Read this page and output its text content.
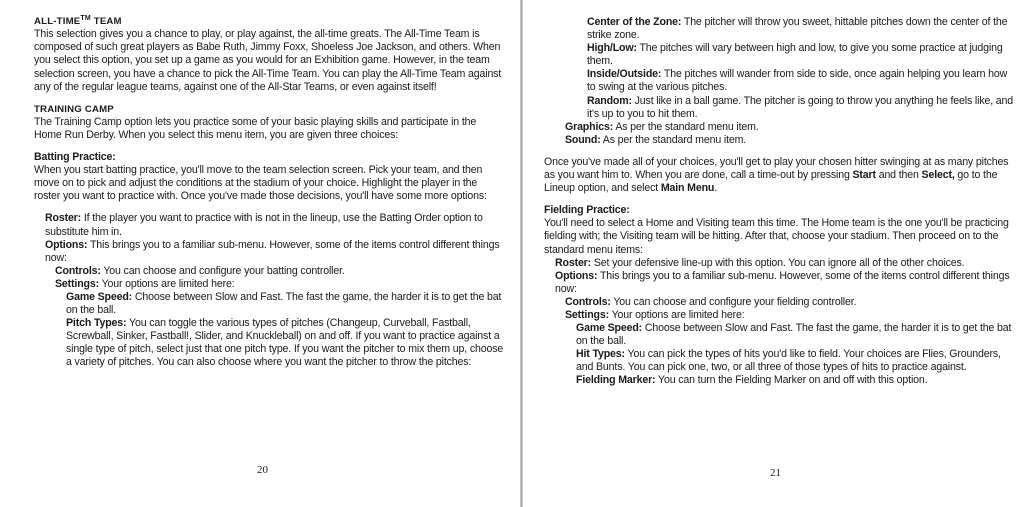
ALL-TIME™ TEAM

This selection gives you a chance to play, or play against, the all-time greats. The All-Time Team is composed of such great players as Babe Ruth, Jimmy Foxx, Shoeless Joe Jackson, and others. When you select this option, you set up a game as you would for an Exhibition game. However, in the team selection screen, you have a chance to pick the All-Time Team. You can play the All-Time Team against any of the regular league teams, against one of the All-Star Teams, or even against itself!

TRAINING CAMP

The Training Camp option lets you practice some of your basic playing skills and participate in the Home Run Derby. When you select this menu item, you are given three choices:

Batting Practice:

When you start batting practice, you'll move to the team selection screen. Pick your team, and then move on to pick and adjust the conditions at the stadium of your choice. Highlight the player in the roster you want to practice with. Once you've made those decisions, you'll have some more options:

Roster: If the player you want to practice with is not in the lineup, use the Batting Order option to substitute him in.

Options: This brings you to a familiar sub-menu. However, some of the items control different things now:

Controls: You can choose and configure your batting controller.

Settings: Your options are limited here:

Game Speed: Choose between Slow and Fast. The fast the game, the harder it is to get the bat on the ball.

Pitch Types: You can toggle the various types of pitches (Changeup, Curveball, Fastball, Screwball, Sinker, Fastball!, Slider, and Knuckleball) on and off. If you want to practice against a single type of pitch, select just that one pitch type. If you want the pitcher to mix them up, choose a variety of pitches. You can also choose where you want the pitcher to throw the pitches:

20

Center of the Zone: The pitcher will throw you sweet, hittable pitches down the center of the strike zone.

High/Low: The pitches will vary between high and low, to give you some practice at judging them.

Inside/Outside: The pitches will wander from side to side, once again helping you learn how to swing at the various pitches.

Random: Just like in a ball game. The pitcher is going to throw you anything he feels like, and it's up to you to hit them.

Graphics: As per the standard menu item.

Sound: As per the standard menu item.

Once you've made all of your choices, you'll get to play your chosen hitter swinging at as many pitches as you want him to. When you are done, call a time-out by pressing Start and then Select, go to the Lineup option, and select Main Menu.

Fielding Practice:

You'll need to select a Home and Visiting team this time. The Home team is the one you'll be practicing fielding with; the Visiting team will be hitting. After that, choose your stadium. Then proceed on to the standard menu items:

Roster: Set your defensive line-up with this option. You can ignore all of the other choices.

Options: This brings you to a familiar sub-menu. However, some of the items control different things now:

Controls: You can choose and configure your fielding controller.

Settings: Your options are limited here:

Game Speed: Choose between Slow and Fast. The fast the game, the harder it is to get the bat on the ball.

Hit Types: You can pick the types of hits you'd like to field. Your choices are Flies, Grounders, and Bunts. You can pick one, two, or all three of those types of hits to practice against.

Fielding Marker: You can turn the Fielding Marker on and off with this option.

21
